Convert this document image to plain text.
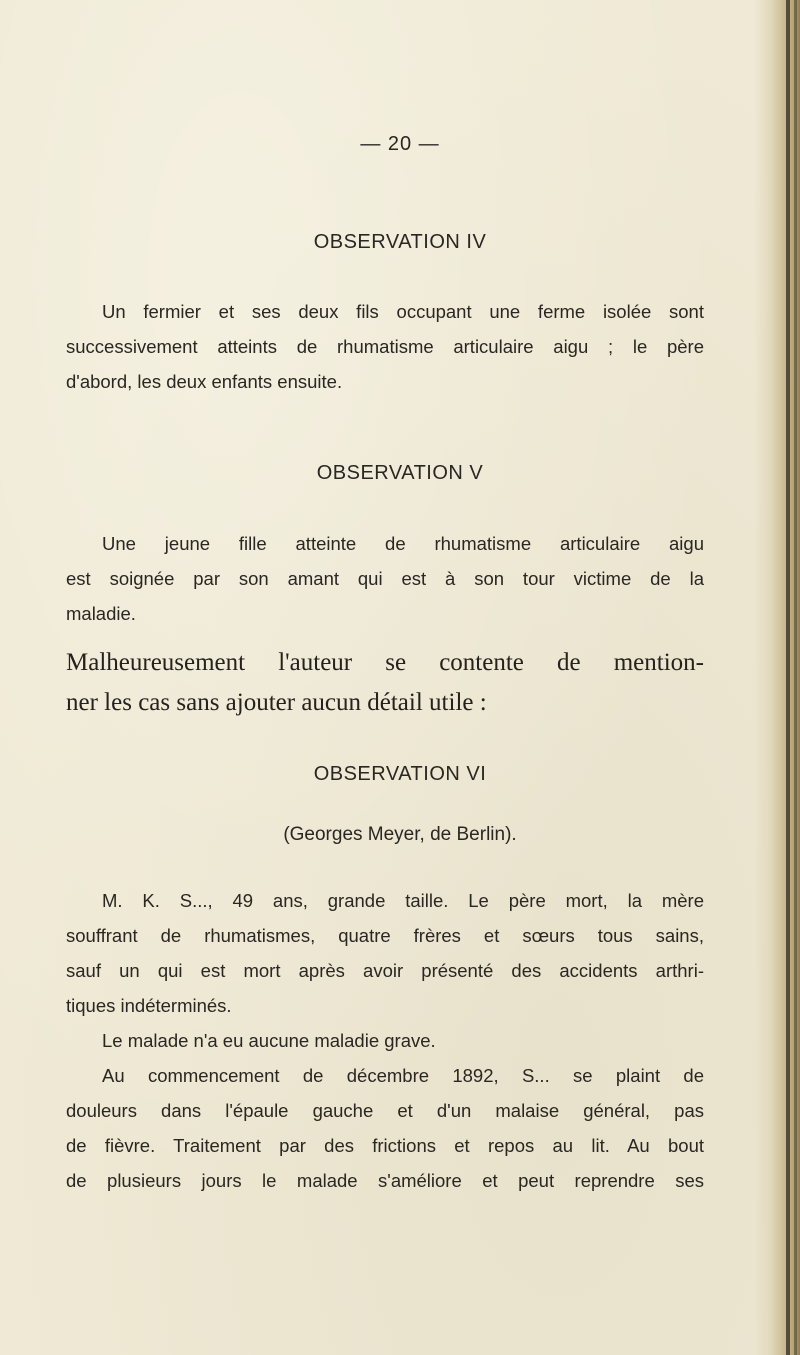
— 20 —
OBSERVATION IV
Un fermier et ses deux fils occupant une ferme isolée sont
successivement atteints de rhumatisme articulaire aigu ; le père
d'abord, les deux enfants ensuite.
OBSERVATION V
Une jeune fille atteinte de rhumatisme articulaire aigu
est soignée par son amant qui est à son tour victime de la
maladie.
Malheureusement l'auteur se contente de mention-
ner les cas sans ajouter aucun détail utile :
OBSERVATION VI
(Georges Meyer, de Berlin).
M. K. S..., 49 ans, grande taille. Le père mort, la mère
souffrant de rhumatismes, quatre frères et sœurs tous sains,
sauf un qui est mort après avoir présenté des accidents arthri-
tiques indéterminés.
Le malade n'a eu aucune maladie grave.
Au commencement de décembre 1892, S... se plaint de
douleurs dans l'épaule gauche et d'un malaise général, pas
de fièvre. Traitement par des frictions et repos au lit. Au bout
de plusieurs jours le malade s'améliore et peut reprendre ses
